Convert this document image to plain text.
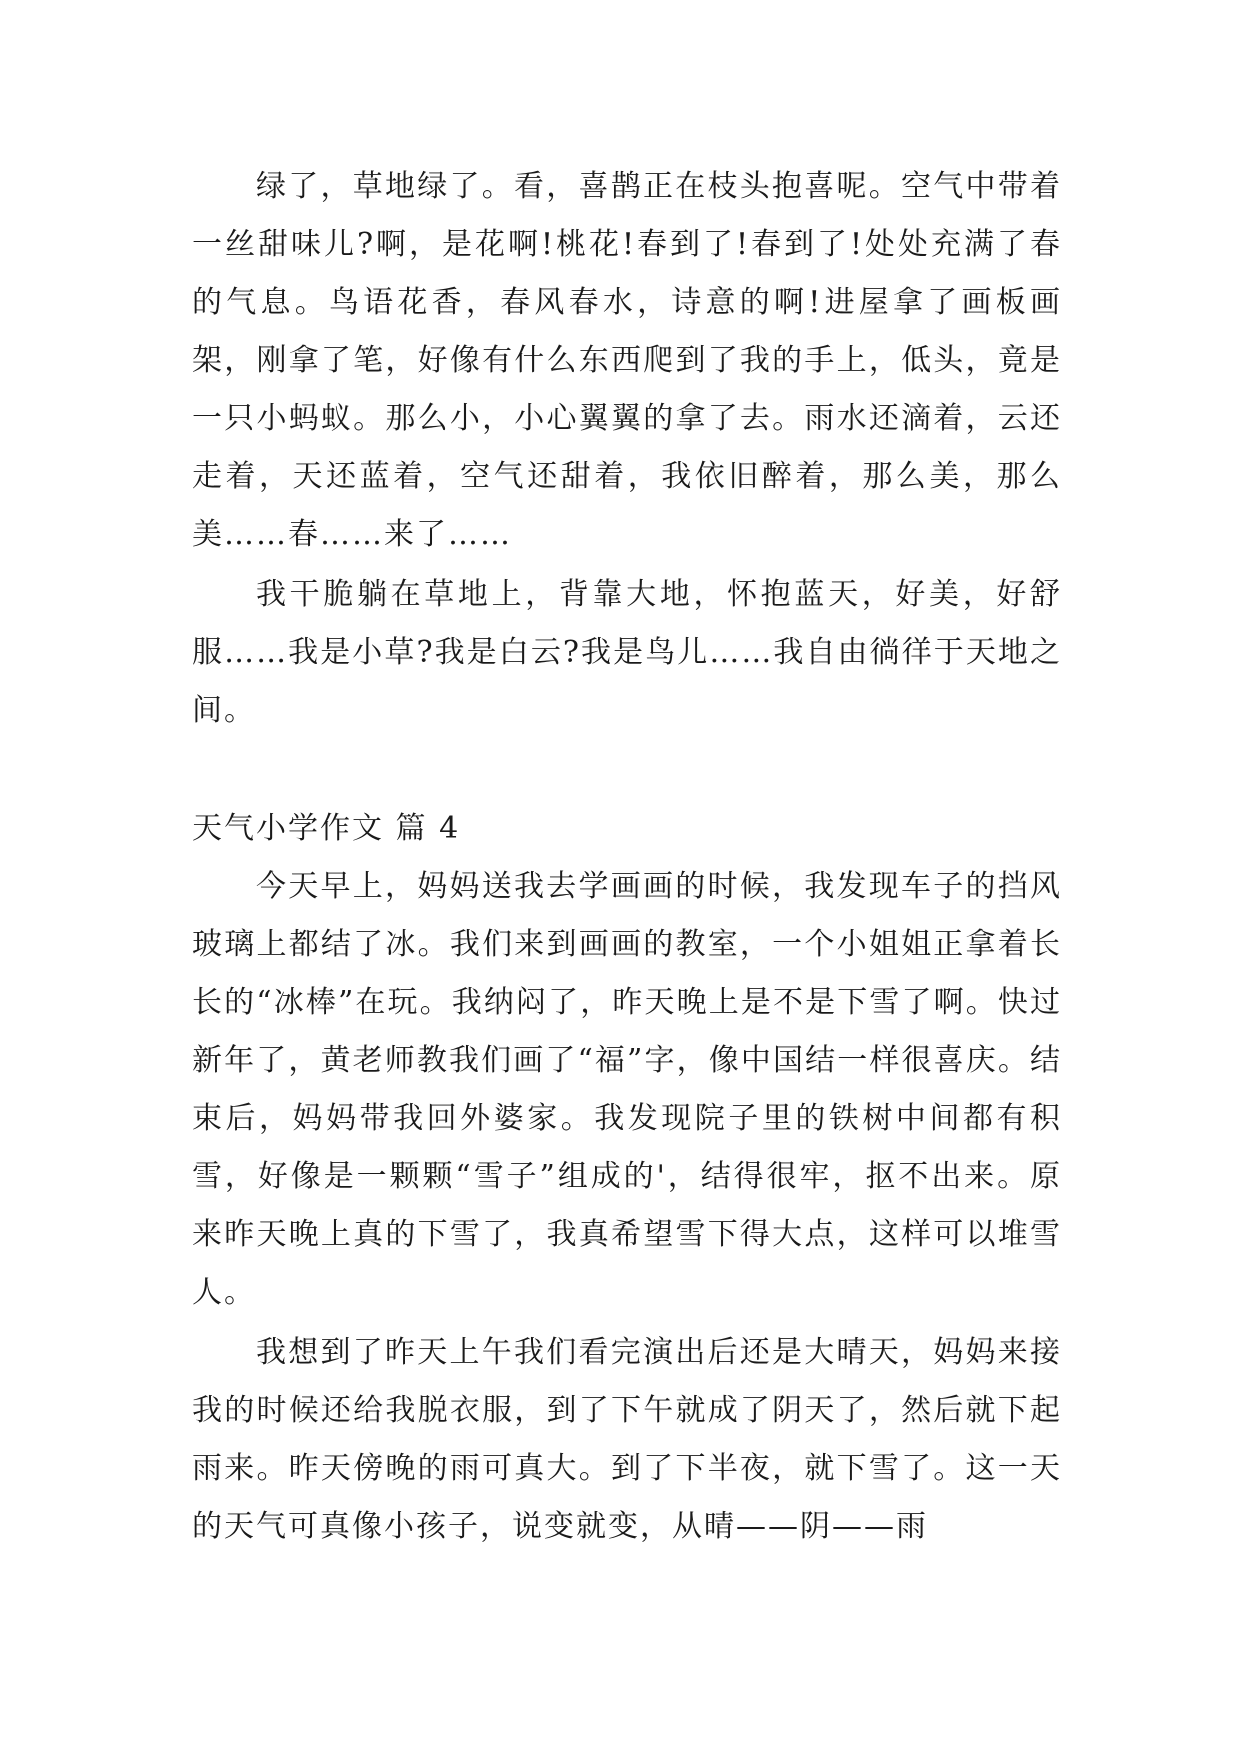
绿了，草地绿了。看，喜鹊正在枝头抱喜呢。空气中带着一丝甜味儿?啊，是花啊!桃花!春到了!春到了!处处充满了春的气息。鸟语花香，春风春水，诗意的啊!进屋拿了画板画架，刚拿了笔，好像有什么东西爬到了我的手上，低头，竟是一只小蚂蚁。那么小，小心翼翼的拿了去。雨水还滴着，云还走着，天还蓝着，空气还甜着，我依旧醉着，那么美，那么美……春……来了……

我干脆躺在草地上，背靠大地，怀抱蓝天，好美，好舒服……我是小草?我是白云?我是鸟儿……我自由徜徉于天地之间。

天气小学作文 篇 4

今天早上，妈妈送我去学画画的时候，我发现车子的挡风玻璃上都结了冰。我们来到画画的教室，一个小姐姐正拿着长长的“冰棒”在玩。我纳闷了，昨天晚上是不是下雪了啊。快过新年了，黄老师教我们画了“福”字，像中国结一样很喜庆。结束后，妈妈带我回外婆家。我发现院子里的铁树中间都有积雪，好像是一颗颗“雪子”组成的'，结得很牢，抠不出来。原来昨天晚上真的下雪了，我真希望雪下得大点，这样可以堆雪人。

我想到了昨天上午我们看完演出后还是大晴天，妈妈来接我的时候还给我脱衣服，到了下午就成了阴天了，然后就下起雨来。昨天傍晚的雨可真大。到了下半夜，就下雪了。这一天的天气可真像小孩子，说变就变，从晴——阴——雨
